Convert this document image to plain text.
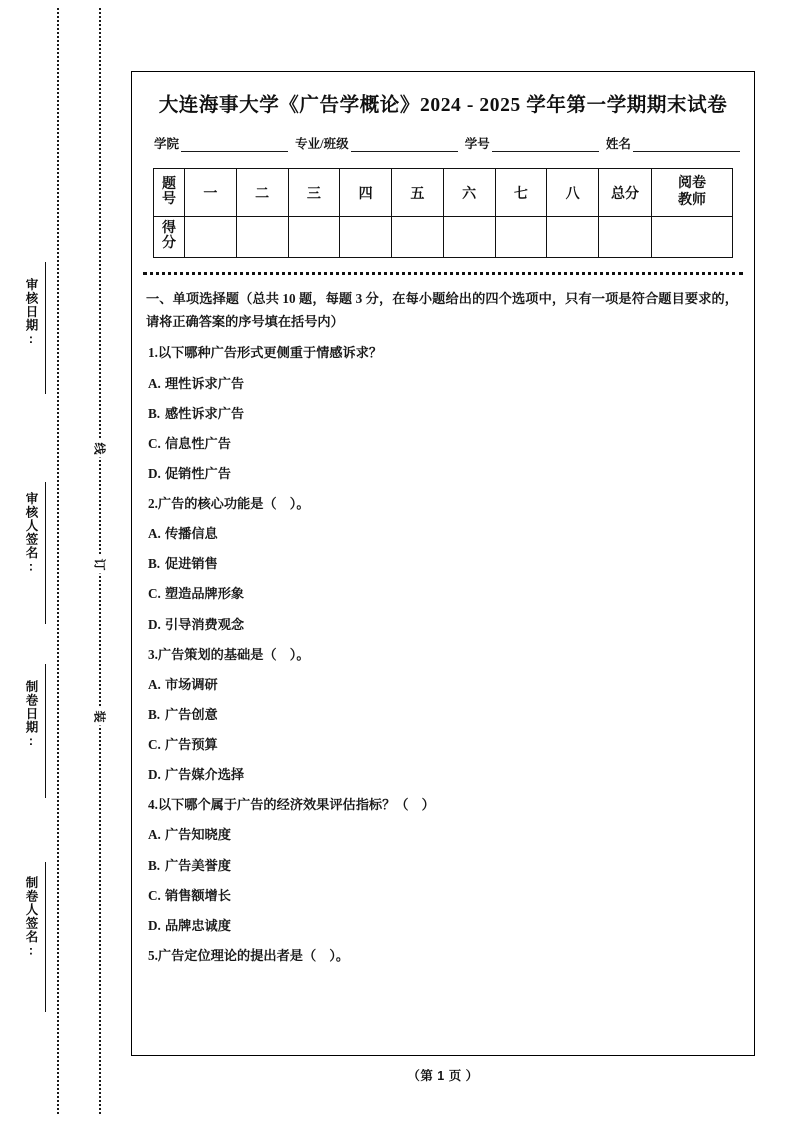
审核日期:
审核人签名:
制卷日期:
制卷人签名:
线
订
装
大连海事大学《广告学概论》2024 - 2025 学年第一学期期末试卷
学院	专业/班级	学号	姓名
题
号	一	二	三	四	五	六	七	八	总分	阅卷
教师

得
分										

一、单项选择题（总共 10 题，每题 3 分，在每小题给出的四个选项中，只有一项是符合题目要求的，请将正确答案的序号填在括号内）
1.以下哪种广告形式更侧重于情感诉求？
A. 理性诉求广告
B. 感性诉求广告
C. 信息性广告
D. 促销性广告
2.广告的核心功能是（　）。
A. 传播信息
B. 促进销售
C. 塑造品牌形象
D. 引导消费观念
3.广告策划的基础是（　）。
A. 市场调研
B. 广告创意
C. 广告预算
D. 广告媒介选择
4.以下哪个属于广告的经济效果评估指标？（　）
A. 广告知晓度
B. 广告美誉度
C. 销售额增长
D. 品牌忠诚度
5.广告定位理论的提出者是（　）。
（第 1 页 ）
